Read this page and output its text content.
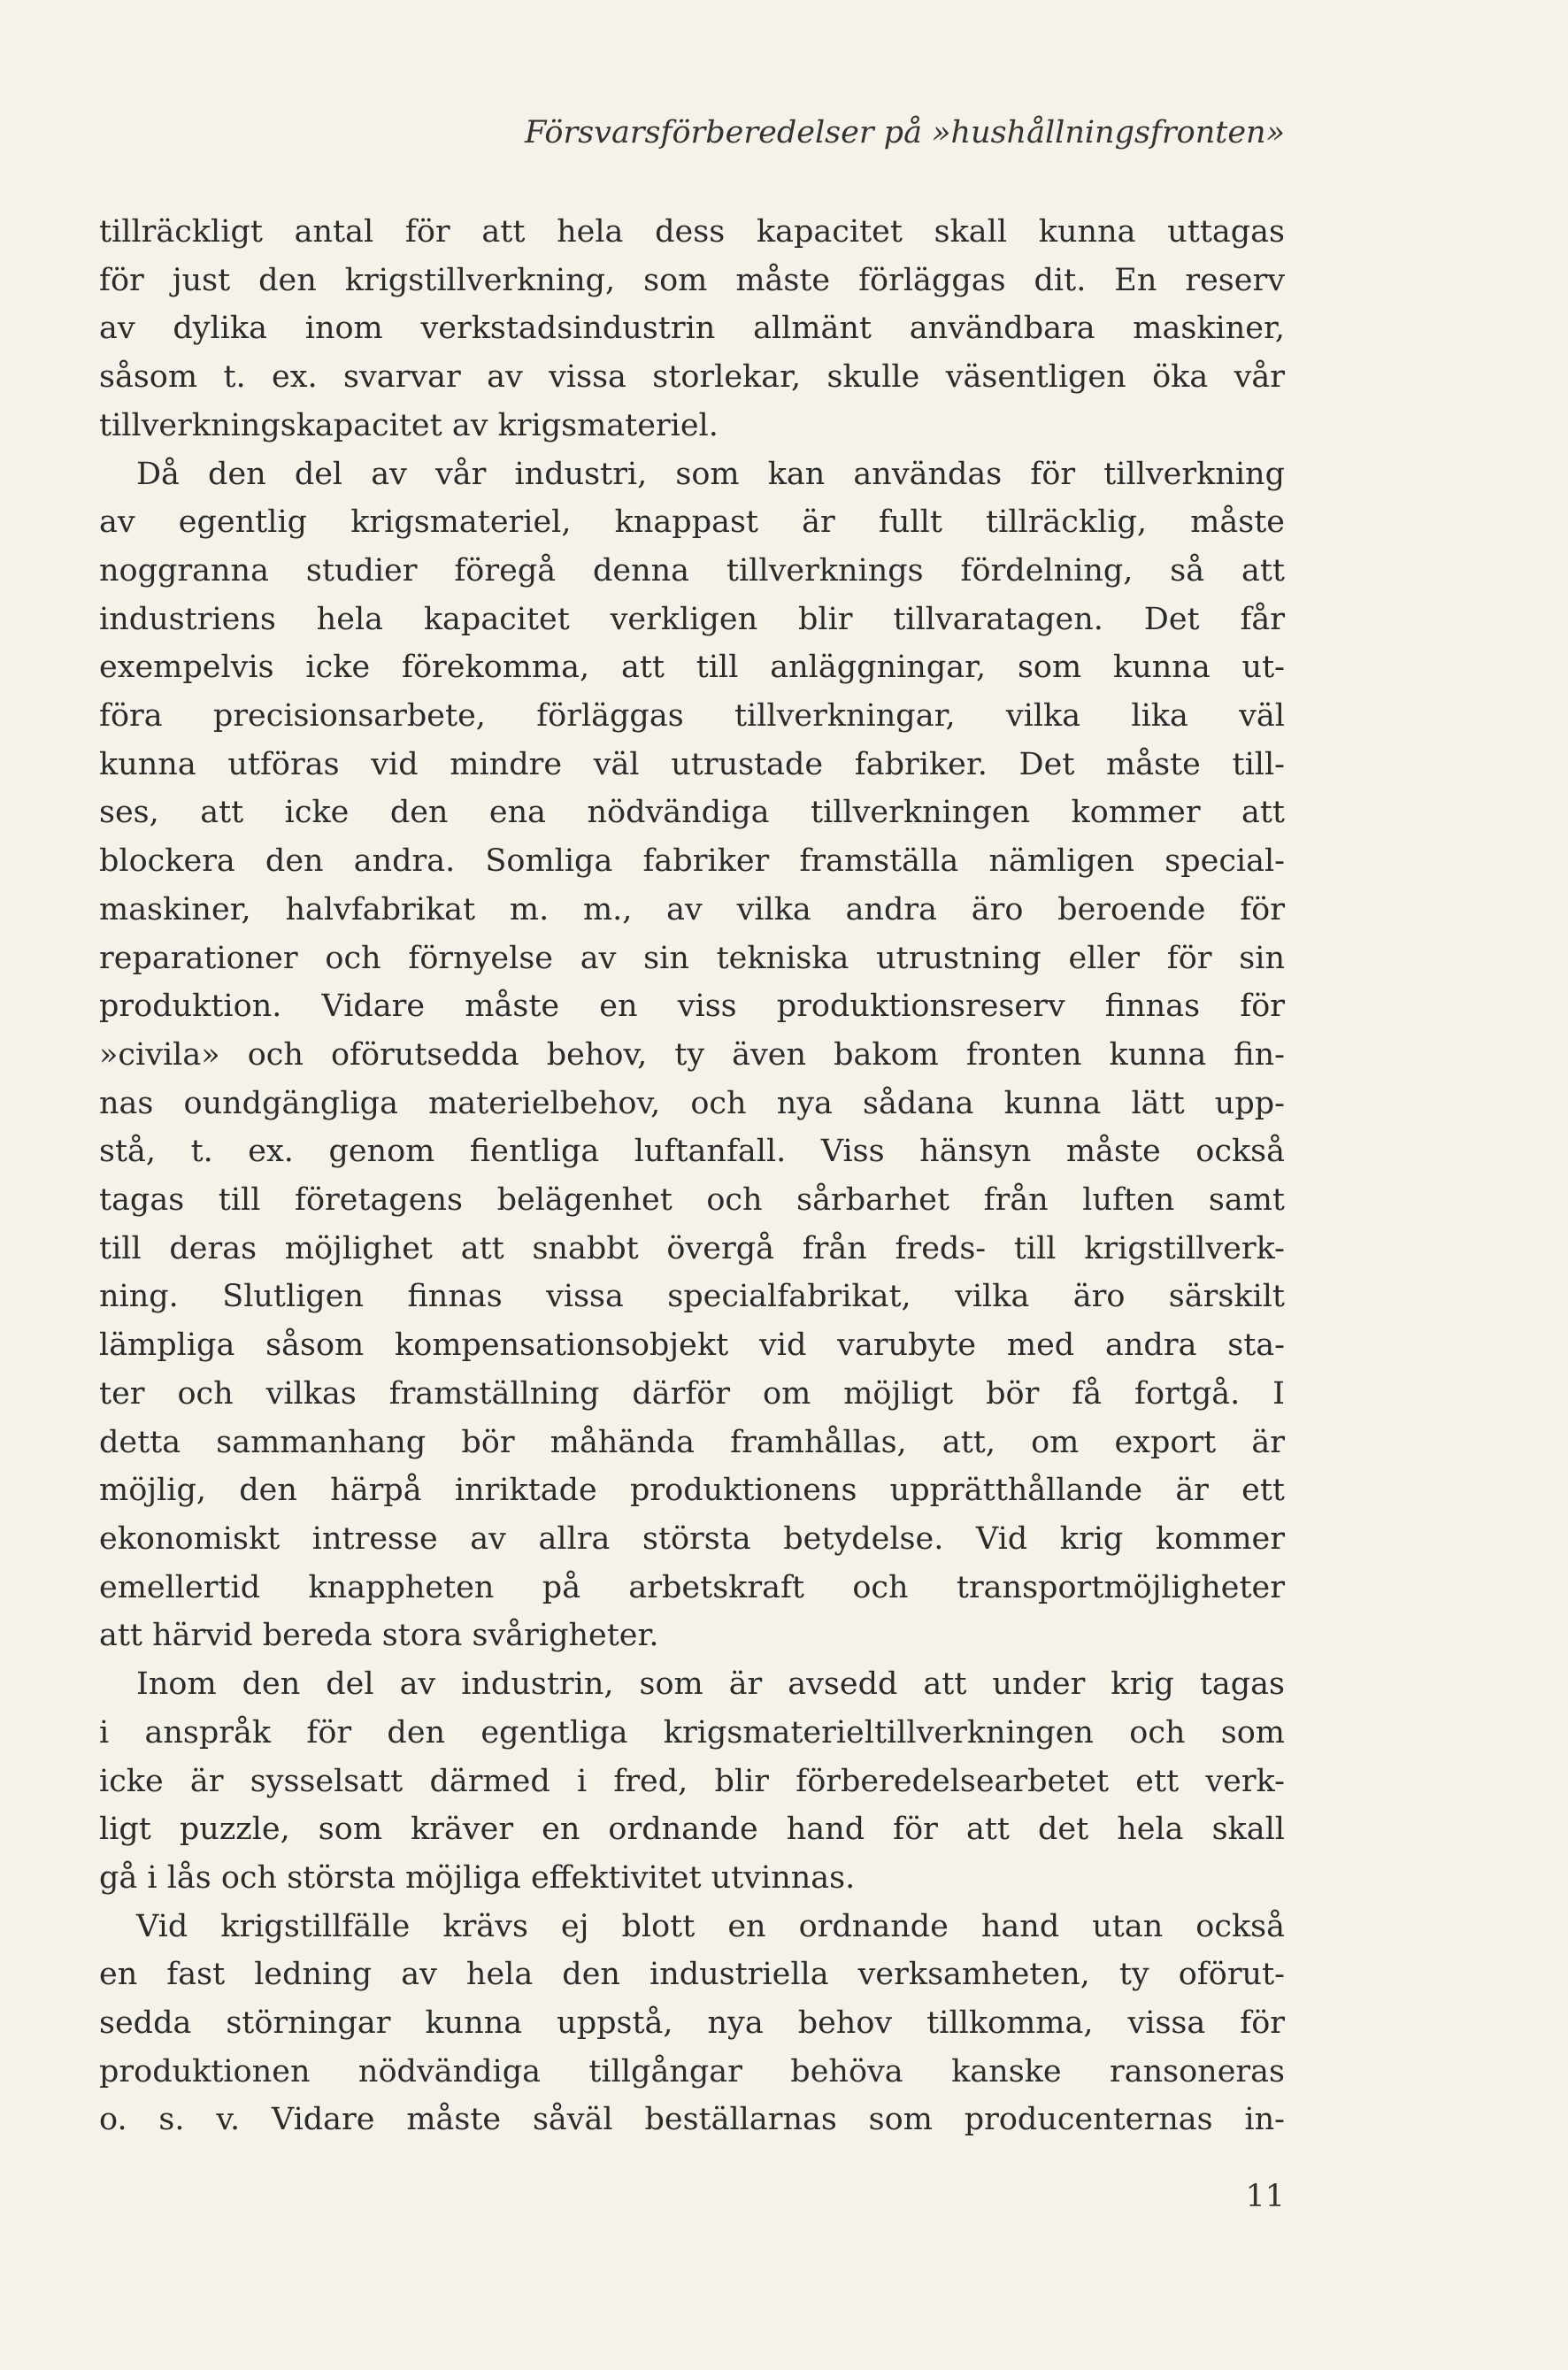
Försvarsförberedelser på »hushållningsfronten»

tillräckligt antal för att hela dess kapacitet skall kunna uttagas
för just den krigstillverkning, som måste förläggas dit. En reserv
av dylika inom verkstadsindustrin allmänt användbara maskiner,
såsom t. ex. svarvar av vissa storlekar, skulle väsentligen öka vår
tillverkningskapacitet av krigsmateriel.

Då den del av vår industri, som kan användas för tillverkning
av egentlig krigsmateriel, knappast är fullt tillräcklig, måste
noggranna studier föregå denna tillverknings fördelning, så att
industriens hela kapacitet verkligen blir tillvaratagen. Det får
exempelvis icke förekomma, att till anläggningar, som kunna ut-
föra precisionsarbete, förläggas tillverkningar, vilka lika väl
kunna utföras vid mindre väl utrustade fabriker. Det måste till-
ses, att icke den ena nödvändiga tillverkningen kommer att
blockera den andra. Somliga fabriker framställa nämligen special-
maskiner, halvfabrikat m. m., av vilka andra äro beroende för
reparationer och förnyelse av sin tekniska utrustning eller för sin
produktion. Vidare måste en viss produktionsreserv finnas för
»civila» och oförutsedda behov, ty även bakom fronten kunna fin-
nas oundgängliga materielbehov, och nya sådana kunna lätt upp-
stå, t. ex. genom fientliga luftanfall. Viss hänsyn måste också
tagas till företagens belägenhet och sårbarhet från luften samt
till deras möjlighet att snabbt övergå från freds- till krigstillverk-
ning. Slutligen finnas vissa specialfabrikat, vilka äro särskilt
lämpliga såsom kompensationsobjekt vid varubyte med andra sta-
ter och vilkas framställning därför om möjligt bör få fortgå. I
detta sammanhang bör måhända framhållas, att, om export är
möjlig, den härpå inriktade produktionens upprätthållande är ett
ekonomiskt intresse av allra största betydelse. Vid krig kommer
emellertid knappheten på arbetskraft och transportmöjligheter
att härvid bereda stora svårigheter.

Inom den del av industrin, som är avsedd att under krig tagas
i anspråk för den egentliga krigsmaterieltillverkningen och som
icke är sysselsatt därmed i fred, blir förberedelsearbetet ett verk-
ligt puzzle, som kräver en ordnande hand för att det hela skall
gå i lås och största möjliga effektivitet utvinnas.

Vid krigstillfälle krävs ej blott en ordnande hand utan också
en fast ledning av hela den industriella verksamheten, ty oförut-
sedda störningar kunna uppstå, nya behov tillkomma, vissa för
produktionen nödvändiga tillgångar behöva kanske ransoneras
o. s. v. Vidare måste såväl beställarnas som producenternas in-

11
